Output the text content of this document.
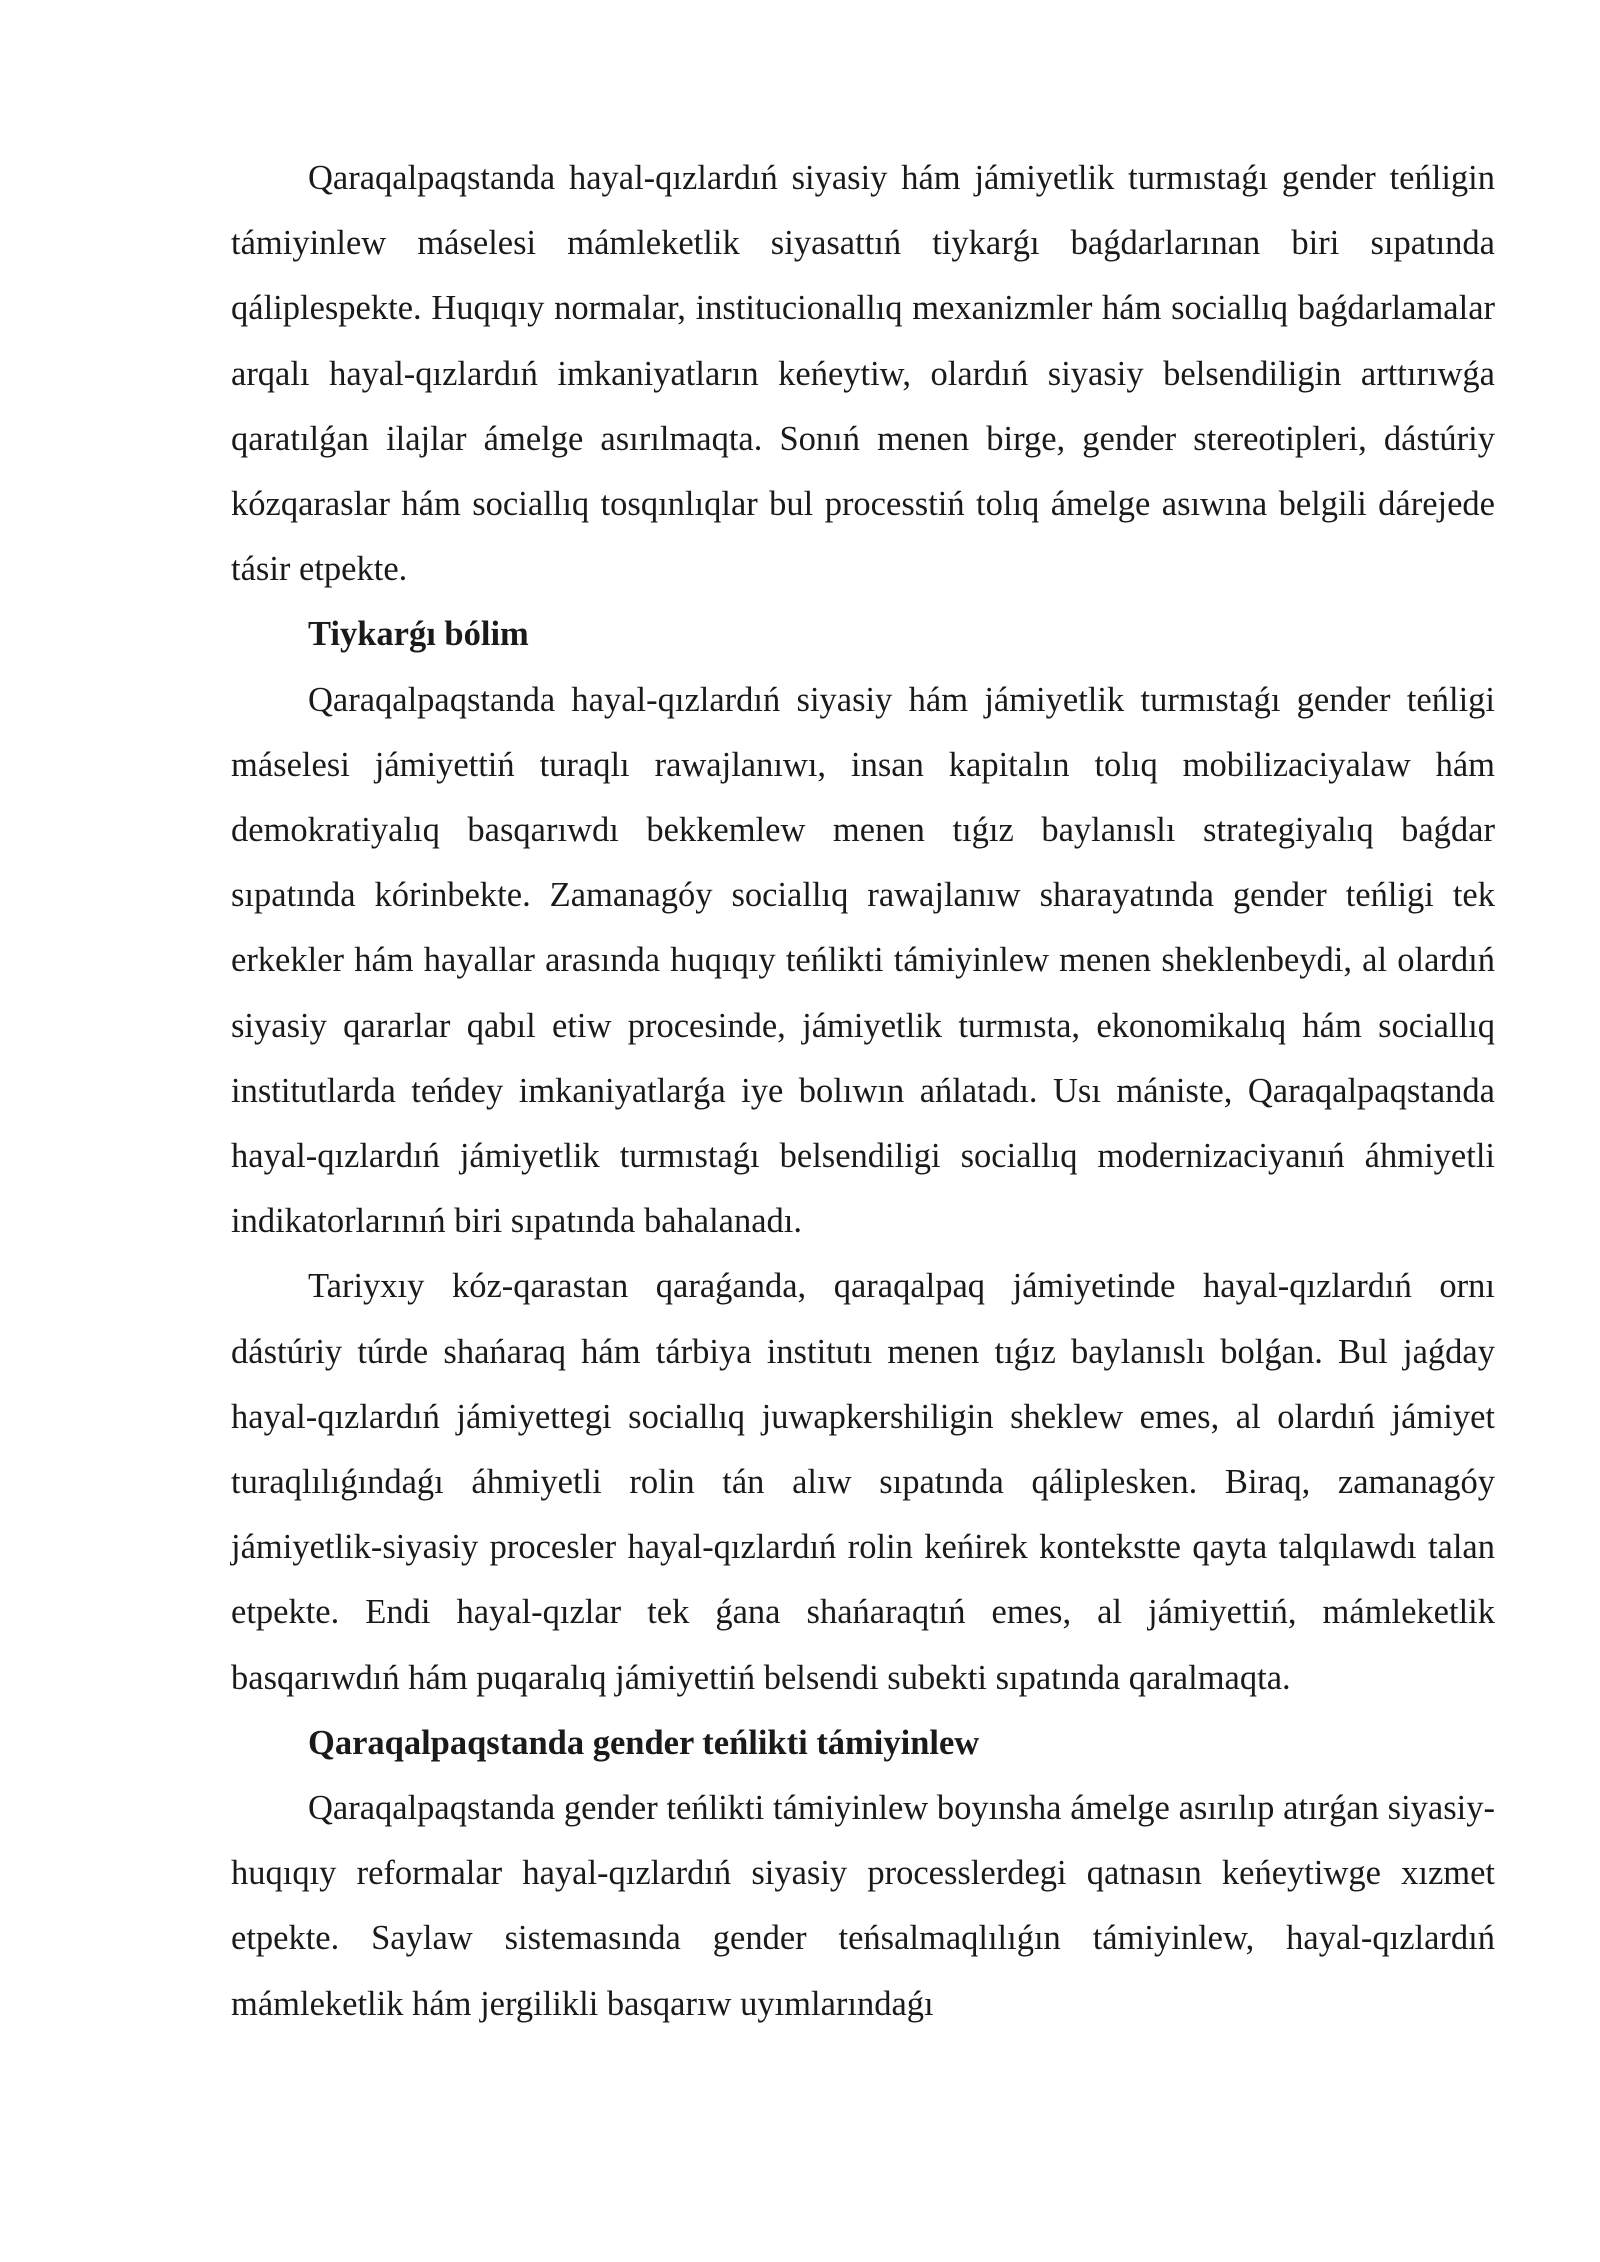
Qaraqalpaqstanda hayal-qızlardıń siyasiy hám jámiyetlik turmıstaǵı gender teńligin támiyinlew máselesi mámleketlik siyasattıń tiykarǵı baǵdarlarınan biri sıpatında qáliplespekte. Huqıqıy normalar, institucionallıq mexanizmler hám sociallıq baǵdarlamalar arqalı hayal-qızlardıń imkaniyatların keńeytiw, olardıń siyasiy belsendiligin arttırıwǵa qaratılǵan ilajlar ámelge asırılmaqta. Sonıń menen birge, gender stereotipleri, dástúriy kózqaraslar hám sociallıq tosqınlıqlar bul processtiń tolıq ámelge asıwına belgili dárejede tásir etpekte.

Tiykarǵı bólim

Qaraqalpaqstanda hayal-qızlardıń siyasiy hám jámiyetlik turmıstaǵı gender teńligi máselesi jámiyettiń turaqlı rawajlanıwı, insan kapitalın tolıq mobilizaciyalaw hám demokratiyalıq basqarıwdı bekkemlew menen tıǵız baylanıslı strategiyalıq baǵdar sıpatında kórinbekte. Zamanagóy sociallıq rawajlanıw sharayatında gender teńligi tek erkekler hám hayallar arasında huqıqıy teńlikti támiyinlew menen sheklenbeydi, al olardıń siyasiy qararlar qabıl etiw procesinde, jámiyetlik turmısta, ekonomikalıq hám sociallıq institutlarda teńdey imkaniyatlarǵa iye bolıwın ańlatadı. Usı mániste, Qaraqalpaqstanda hayal-qızlardıń jámiyetlik turmıstaǵı belsendiligi sociallıq modernizaciyanıń áhmiyetli indikatorlarınıń biri sıpatında bahalanadı.

Tariyxıy kóz-qarastan qaraǵanda, qaraqalpaq jámiyetinde hayal-qızlardıń ornı dástúriy túrde shańaraq hám tárbiya institutı menen tıǵız baylanıslı bolǵan. Bul jaǵday hayal-qızlardıń jámiyettegi sociallıq juwapkershiligin sheklew emes, al olardıń jámiyet turaqlılıǵındaǵı áhmiyetli rolin tán alıw sıpatında qáliplesken. Biraq, zamanagóy jámiyetlik-siyasiy procesler hayal-qızlardıń rolin keńirek kontekstte qayta talqılawdı talan etpekte. Endi hayal-qızlar tek ǵana shańaraqtıń emes, al jámiyettiń, mámleketlik basqarıwdıń hám puqaralıq jámiyettiń belsendi subekti sıpatında qaralmaqta.

Qaraqalpaqstanda gender teńlikti támiyinlew

Qaraqalpaqstanda gender teńlikti támiyinlew boyınsha ámelge asırılıp atırǵan siyasiy-huqıqıy reformalar hayal-qızlardıń siyasiy processlerdegi qatnasın keńeytiwge xızmet etpekte. Saylaw sistemasında gender teńsalmaqlılıǵın támiyinlew, hayal-qızlardıń mámleketlik hám jergilikli basqarıw uyımlarındaǵı
